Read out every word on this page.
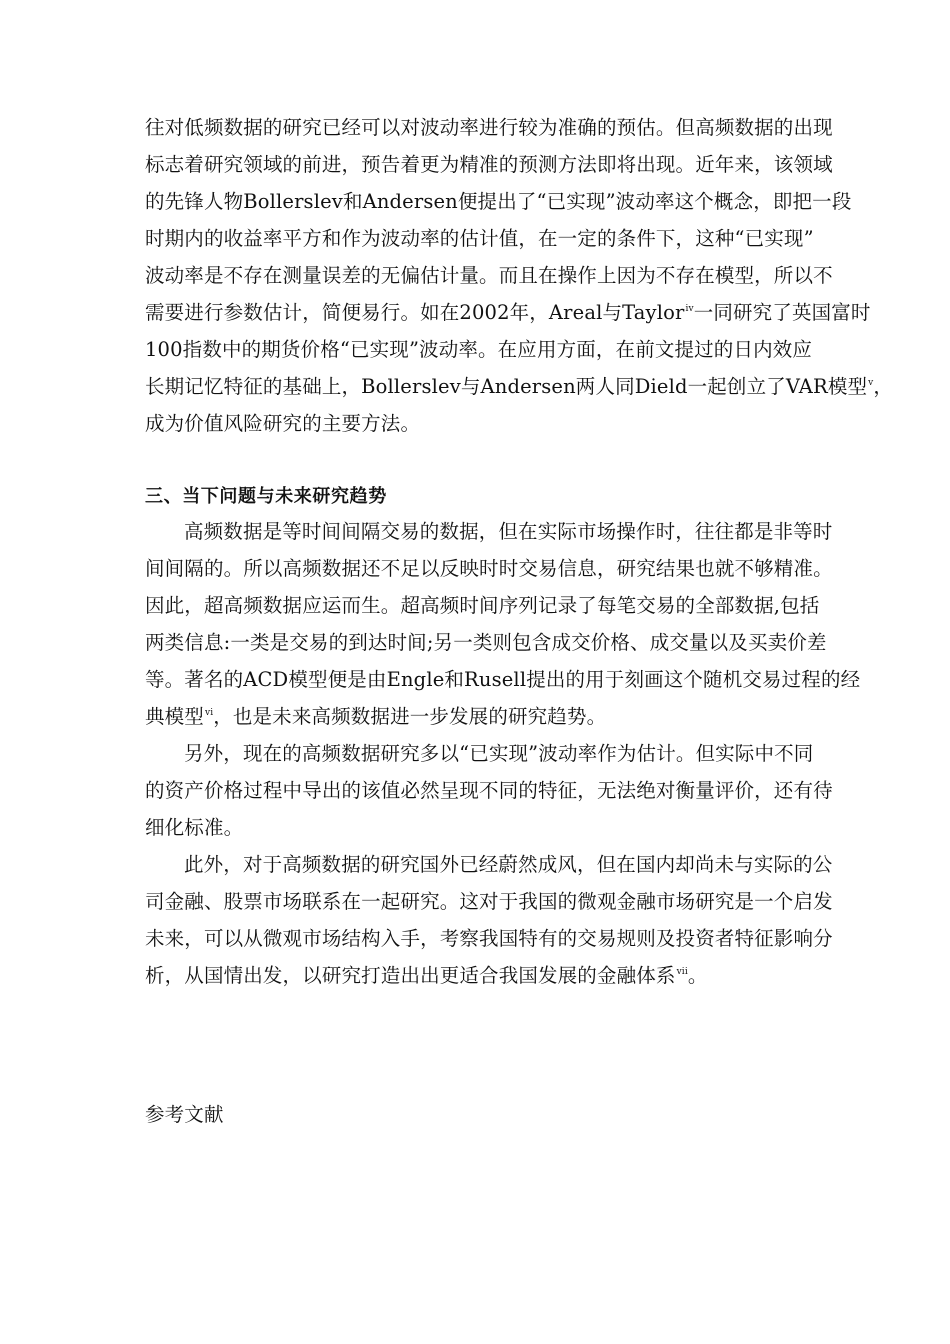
往对低频数据的研究已经可以对波动率进行较为准确的预估。但高频数据的出现
标志着研究领域的前进，预告着更为精准的预测方法即将出现。近年来，该领域
的先锋人物Bollerslev和Andersen便提出了“已实现”波动率这个概念，即把一段
时期内的收益率平方和作为波动率的估计值，在一定的条件下，这种“已实现”
波动率是不存在测量误差的无偏估计量。而且在操作上因为不存在模型，所以不
需要进行参数估计，简便易行。如在2002年，Areal与Taylor$^{iv}$一同研究了英国富时
100指数中的期货价格“已实现”波动率。在应用方面，在前文提过的日内效应
长期记忆特征的基础上，Bollerslev与Andersen两人同Dield一起创立了VAR模型$^v$，
成为价值风险研究的主要方法。
三、当下问题与未来研究趋势
高频数据是等时间间隔交易的数据，但在实际市场操作时，往往都是非等时
间间隔的。所以高频数据还不足以反映时时交易信息，研究结果也就不够精准。
因此，超高频数据应运而生。超高频时间序列记录了每笔交易的全部数据,包括
两类信息:一类是交易的到达时间;另一类则包含成交价格、成交量以及买卖价差
等。著名的ACD模型便是由Engle和Rusell提出的用于刻画这个随机交易过程的经
典模型$^{vi}$，也是未来高频数据进一步发展的研究趋势。
另外，现在的高频数据研究多以“已实现”波动率作为估计。但实际中不同
的资产价格过程中导出的该值必然呈现不同的特征，无法绝对衡量评价，还有待
细化标准。
此外，对于高频数据的研究国外已经蔚然成风，但在国内却尚未与实际的公
司金融、股票市场联系在一起研究。这对于我国的微观金融市场研究是一个启发
未来，可以从微观市场结构入手，考察我国特有的交易规则及投资者特征影响分
析，从国情出发，以研究打造出出更适合我国发展的金融体系$^{vii}$。
参考文献
